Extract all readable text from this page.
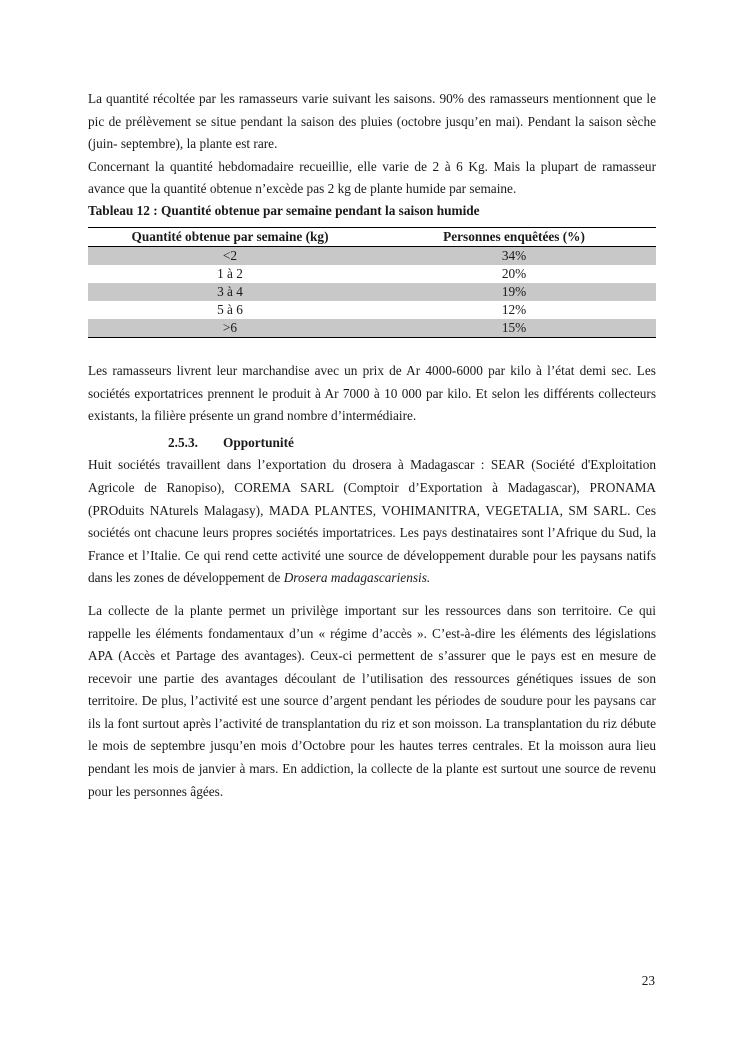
La quantité récoltée par les ramasseurs varie suivant les saisons. 90% des ramasseurs mentionnent que le pic de prélèvement se situe pendant la saison des pluies (octobre jusqu’en mai). Pendant la saison sèche (juin- septembre), la plante est rare.

Concernant la quantité hebdomadaire recueillie, elle varie de 2 à 6 Kg. Mais la plupart de ramasseur avance que la quantité obtenue n’excède pas 2 kg de plante humide par semaine.

Tableau 12 : Quantité obtenue par semaine pendant la saison humide
Quantité obtenue par semaine (kg)	Personnes enquêtées (%)
<2	34%
1 à 2	20%
3 à 4	19%
5 à 6	12%
>6	15%

Les ramasseurs livrent leur marchandise avec un prix de Ar 4000-6000 par kilo à l’état demi sec. Les sociétés exportatrices prennent le produit à Ar 7000 à 10 000 par kilo. Et selon les différents collecteurs existants, la filière présente un grand nombre d’intermédiaire.

2.5.3. Opportunité

Huit sociétés travaillent dans l’exportation du drosera à Madagascar : SEAR (Société d'Exploitation Agricole de Ranopiso), COREMA SARL (Comptoir d’Exportation à Madagascar), PRONAMA (PROduits NAturels Malagasy), MADA PLANTES, VOHIMANITRA, VEGETALIA, SM SARL. Ces sociétés ont chacune leurs propres sociétés importatrices. Les pays destinataires sont l’Afrique du Sud, la France et l’Italie. Ce qui rend cette activité une source de développement durable pour les paysans natifs dans les zones de développement de Drosera madagascariensis.

La collecte de la plante permet un privilège important sur les ressources dans son territoire. Ce qui rappelle les éléments fondamentaux d’un « régime d’accès ». C’est-à-dire les éléments des législations APA (Accès et Partage des avantages). Ceux-ci permettent de s’assurer que le pays est en mesure de recevoir une partie des avantages découlant de l’utilisation des ressources génétiques issues de son territoire. De plus, l’activité est une source d’argent pendant les périodes de soudure pour les paysans car ils la font surtout après l’activité de transplantation du riz et son moisson. La transplantation du riz débute le mois de septembre jusqu’en mois d’Octobre pour les hautes terres centrales. Et la moisson aura lieu pendant les mois de janvier à mars. En addiction, la collecte de la plante est surtout une source de revenu pour les personnes âgées.

23
